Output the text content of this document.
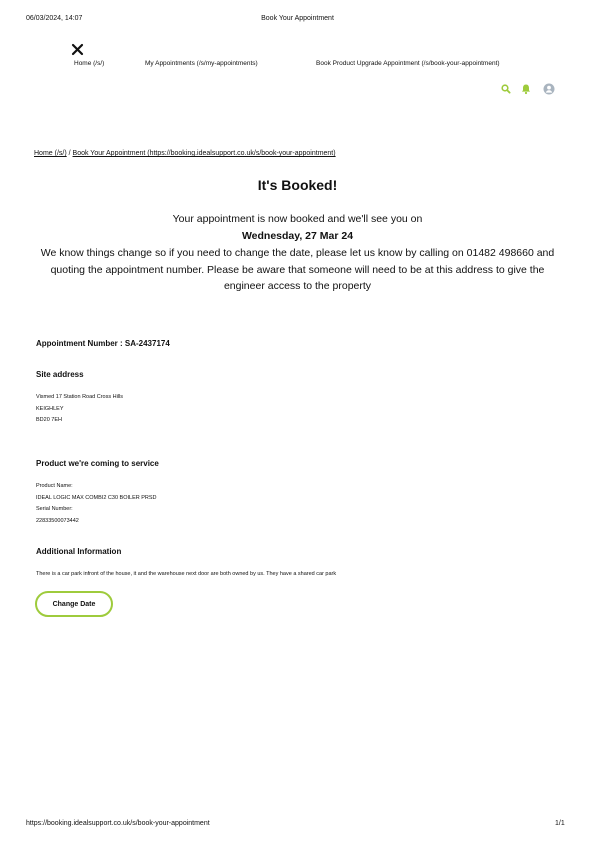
06/03/2024, 14:07	Book Your Appointment
Home (/s/)	My Appointments (/s/my-appointments)	Book Product Upgrade Appointment (/s/book-your-appointment)
Home (/s/) / Book Your Appointment (https://booking.idealsupport.co.uk/s/book-your-appointment)
It's Booked!
Your appointment is now booked and we'll see you on
Wednesday, 27 Mar 24
We know things change so if you need to change the date, please let us know by calling on 01482 498660 and quoting the appointment number. Please be aware that someone will need to be at this address to give the engineer access to the property
Appointment Number : SA-2437174
Site address
Vismed 17 Station Road Cross Hills
KEIGHLEY
BD20 7EH
Product we're coming to service
Product Name:
IDEAL LOGIC MAX COMBI2 C30 BOILER PRSD
Serial Number:
22833500073442
Additional Information
There is a car park infront of the house, it and the warehouse next door are both owned by us. They have a shared car park
Change Date
https://booking.idealsupport.co.uk/s/book-your-appointment	1/1
